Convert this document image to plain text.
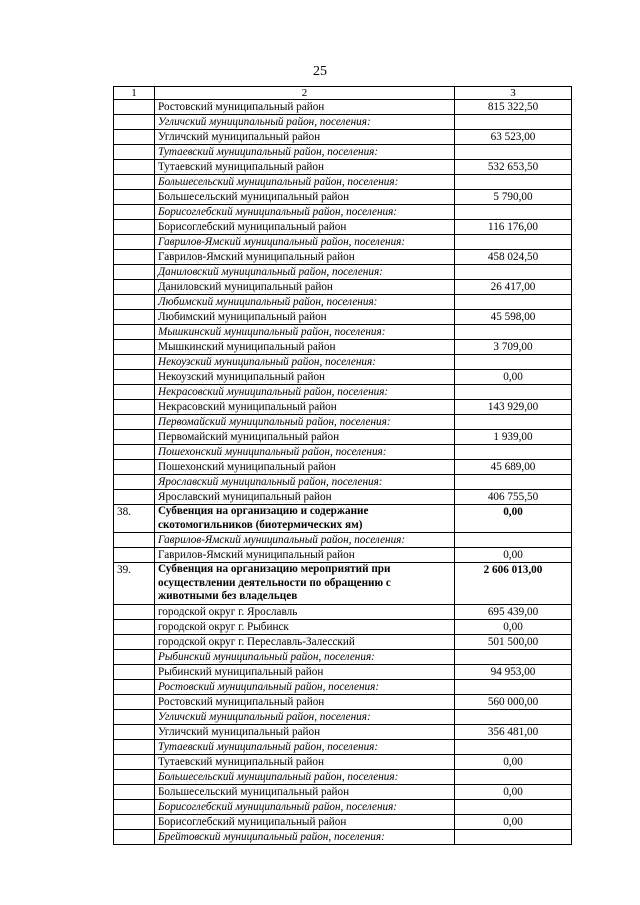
25
1	2	3
	Ростовский муниципальный район	815 322,50
	Угличский муниципальный район, поселения:	
	Угличский муниципальный район	63 523,00
	Тутаевский муниципальный район, поселения:	
	Тутаевский муниципальный район	532 653,50
	Большесельский муниципальный район, поселения:	
	Большесельский муниципальный район	5 790,00
	Борисоглебский муниципальный район, поселения:	
	Борисоглебский муниципальный район	116 176,00
	Гаврилов-Ямский муниципальный район, поселения:	
	Гаврилов-Ямский муниципальный район	458 024,50
	Даниловский муниципальный район, поселения:	
	Даниловский муниципальный район	26 417,00
	Любимский муниципальный район, поселения:	
	Любимский муниципальный район	45 598,00
	Мышкинский муниципальный район, поселения:	
	Мышкинский муниципальный район	3 709,00
	Некоузский муниципальный район, поселения:	
	Некоузский муниципальный район	0,00
	Некрасовский муниципальный район, поселения:	
	Некрасовский муниципальный район	143 929,00
	Первомайский муниципальный район, поселения:	
	Первомайский муниципальный район	1 939,00
	Пошехонский муниципальный район, поселения:	
	Пошехонский муниципальный район	45 689,00
	Ярославский муниципальный район, поселения:	
	Ярославский муниципальный район	406 755,50
38.	Субвенция на организацию и содержание скотомогильников (биотермических ям)	0,00
	Гаврилов-Ямский муниципальный район, поселения:	
	Гаврилов-Ямский муниципальный район	0,00
39.	Субвенция на организацию мероприятий при осуществлении деятельности по обращению с животными без владельцев	2 606 013,00
	городской округ г. Ярославль	695 439,00
	городской округ г. Рыбинск	0,00
	городской округ г. Переславль-Залесский	501 500,00
	Рыбинский муниципальный район, поселения:	
	Рыбинский муниципальный район	94 953,00
	Ростовский муниципальный район, поселения:	
	Ростовский муниципальный район	560 000,00
	Угличский муниципальный район, поселения:	
	Угличский муниципальный район	356 481,00
	Тутаевский муниципальный район, поселения:	
	Тутаевский муниципальный район	0,00
	Большесельский муниципальный район, поселения:	
	Большесельский муниципальный район	0,00
	Борисоглебский муниципальный район, поселения:	
	Борисоглебский муниципальный район	0,00
	Брейтовский муниципальный район, поселения:	
